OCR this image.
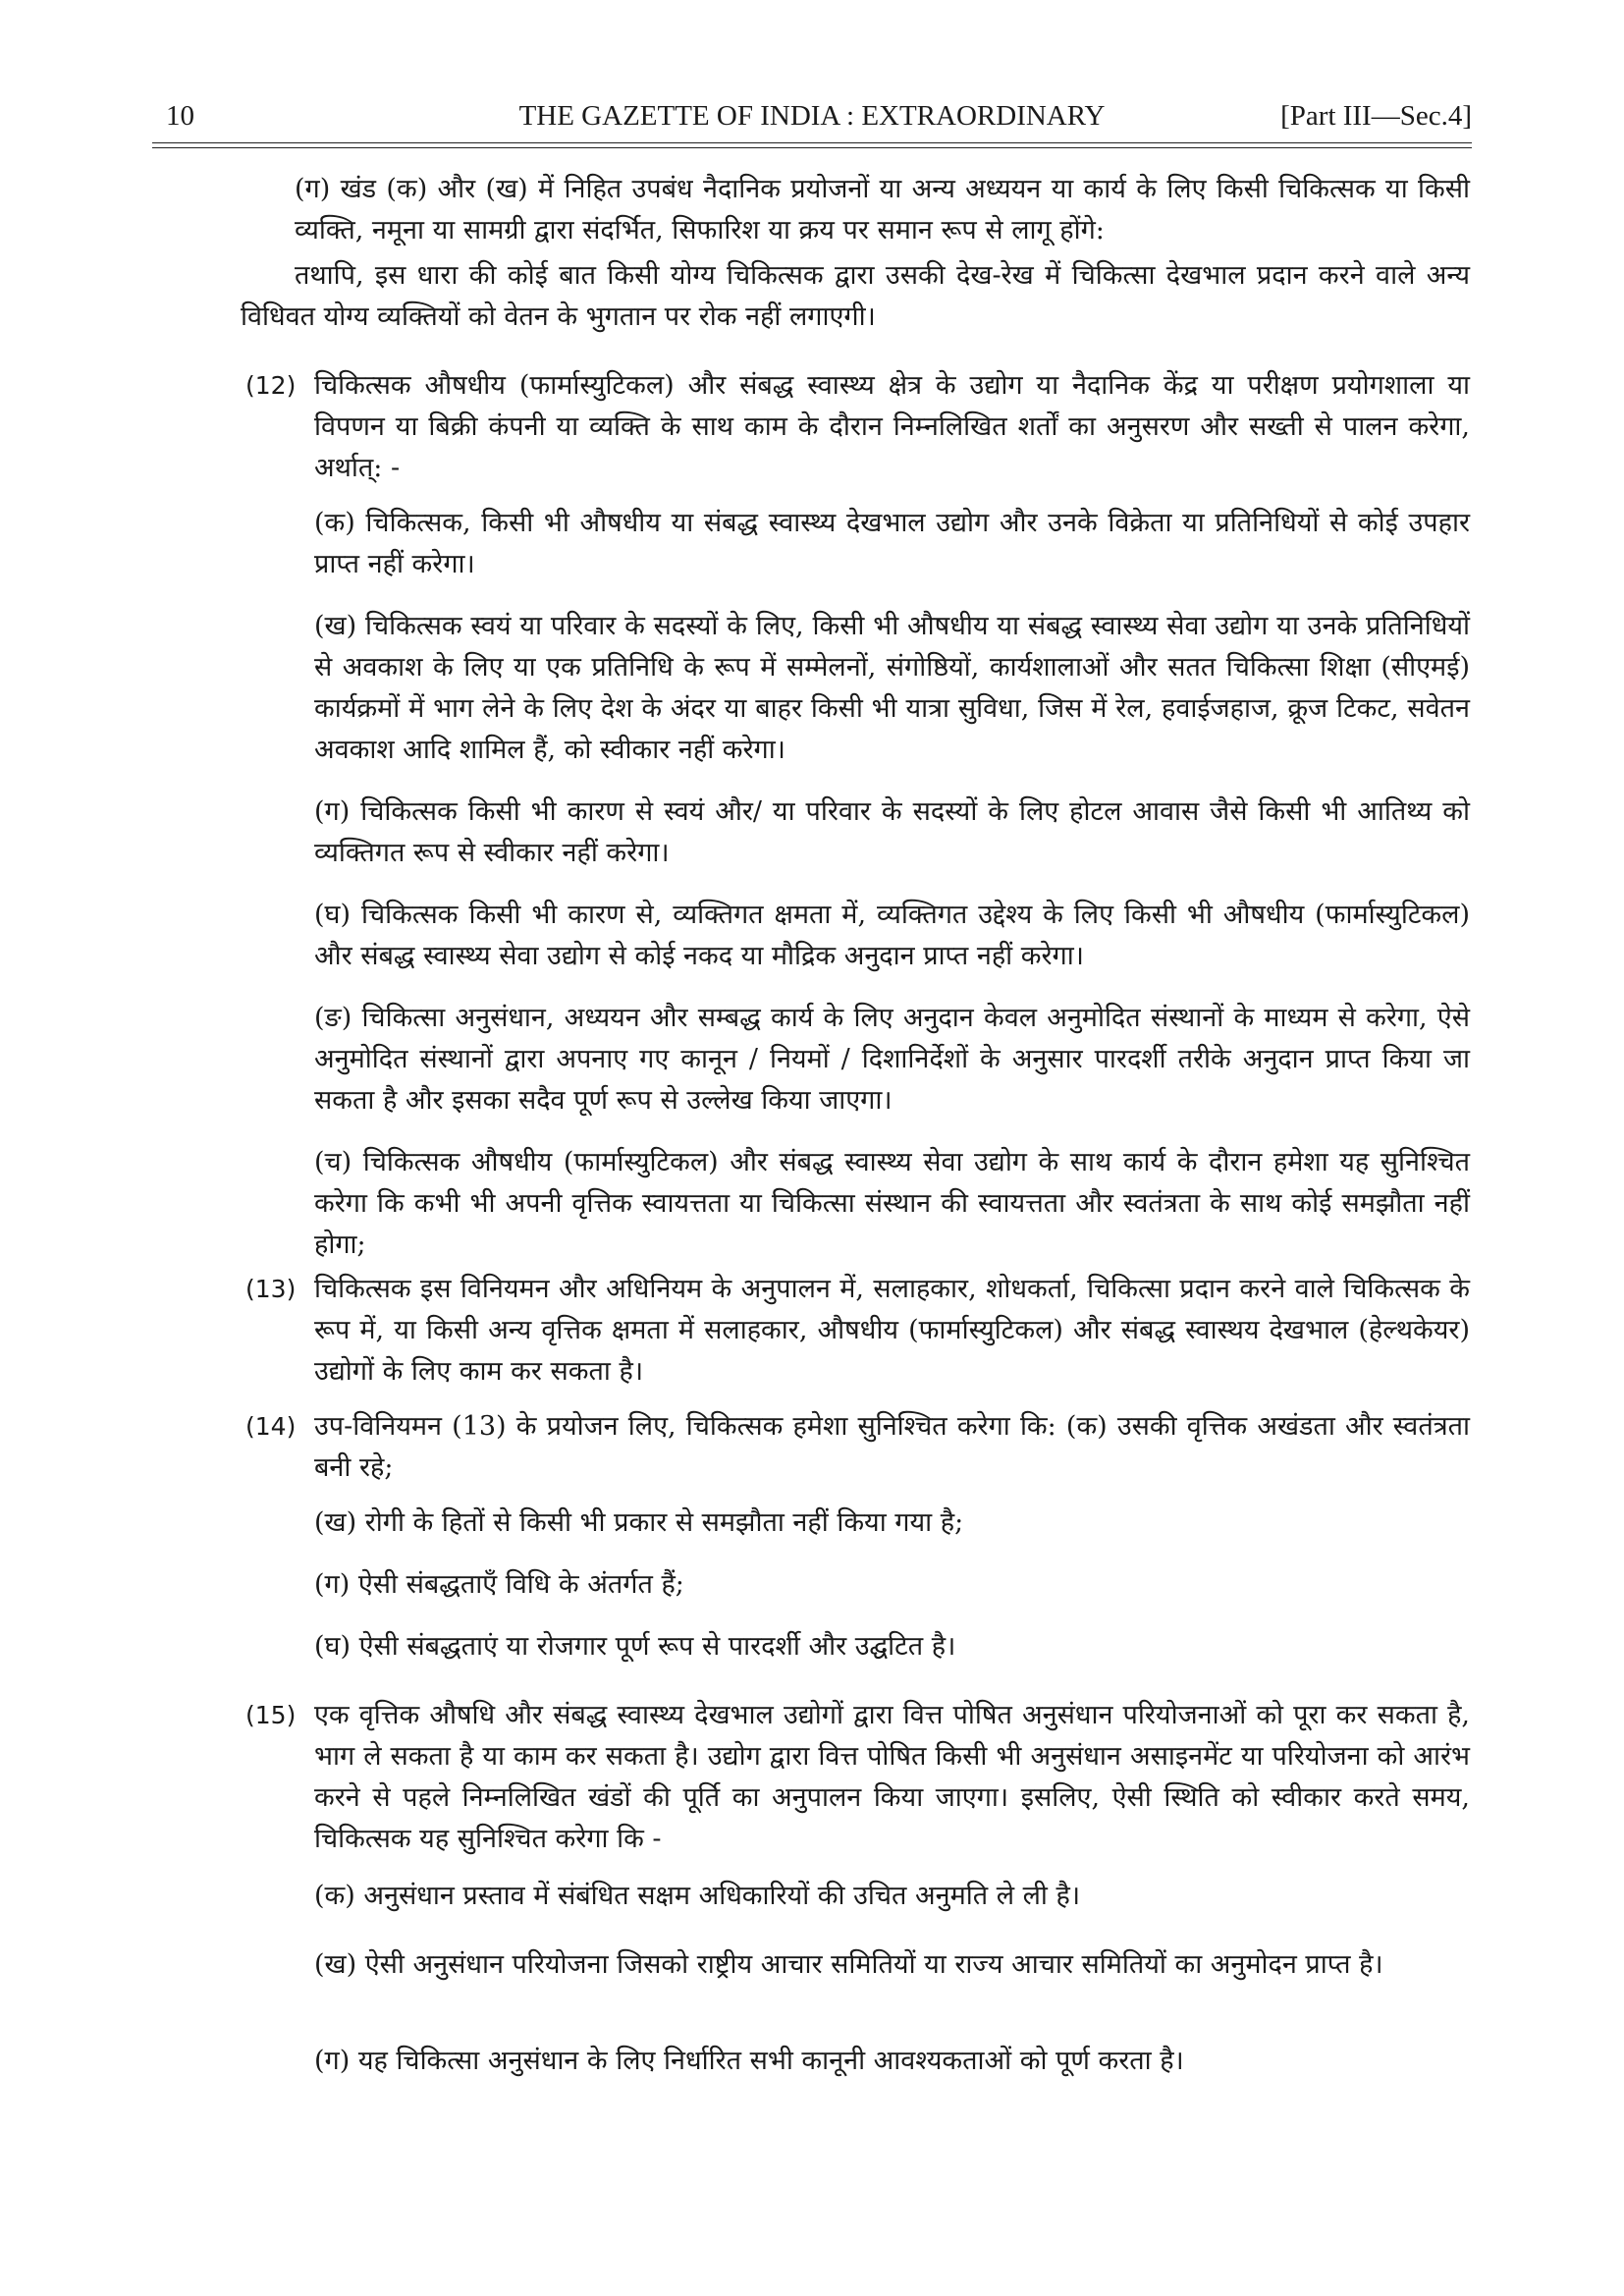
10	THE GAZETTE OF INDIA : EXTRAORDINARY	[Part III—Sec.4]
(ग) खंड (क) और (ख) में निहित उपबंध नैदानिक प्रयोजनों या अन्य अध्ययन या कार्य के लिए किसी चिकित्सक या किसी व्यक्ति, नमूना या सामग्री द्वारा संदर्भित, सिफारिश या क्रय पर समान रूप से लागू होंगे:
तथापि, इस धारा की कोई बात किसी योग्य चिकित्सक द्वारा उसकी देख-रेख में चिकित्सा देखभाल प्रदान करने वाले अन्य विधिवत योग्य व्यक्तियों को वेतन के भुगतान पर रोक नहीं लगाएगी।
(12) चिकित्सक औषधीय (फार्मास्युटिकल) और संबद्ध स्वास्थ्य क्षेत्र के उद्योग या नैदानिक केंद्र या परीक्षण प्रयोगशाला या विपणन या बिक्री कंपनी या व्यक्ति के साथ काम के दौरान निम्नलिखित शर्तों का अनुसरण और सख्ती से पालन करेगा, अर्थात्: -
(क) चिकित्सक, किसी भी औषधीय या संबद्ध स्वास्थ्य देखभाल उद्योग और उनके विक्रेता या प्रतिनिधियों से कोई उपहार प्राप्त नहीं करेगा।
(ख) चिकित्सक स्वयं या परिवार के सदस्यों के लिए, किसी भी औषधीय या संबद्ध स्वास्थ्य सेवा उद्योग या उनके प्रतिनिधियों से अवकाश के लिए या एक प्रतिनिधि के रूप में सम्मेलनों, संगोष्ठियों, कार्यशालाओं और सतत चिकित्सा शिक्षा (सीएमई) कार्यक्रमों में भाग लेने के लिए देश के अंदर या बाहर किसी भी यात्रा सुविधा, जिस में रेल, हवाईजहाज, क्रूज टिकट, सवेतन अवकाश आदि शामिल हैं, को स्वीकार नहीं करेगा।
(ग) चिकित्सक किसी भी कारण से स्वयं और/ या परिवार के सदस्यों के लिए होटल आवास जैसे किसी भी आतिथ्य को व्यक्तिगत रूप से स्वीकार नहीं करेगा।
(घ) चिकित्सक किसी भी कारण से, व्यक्तिगत क्षमता में, व्यक्तिगत उद्देश्य के लिए किसी भी औषधीय (फार्मास्युटिकल) और संबद्ध स्वास्थ्य सेवा उद्योग से कोई नकद या मौद्रिक अनुदान प्राप्त नहीं करेगा।
(ङ) चिकित्सा अनुसंधान, अध्ययन और सम्बद्ध कार्य के लिए अनुदान केवल अनुमोदित संस्थानों के माध्यम से करेगा, ऐसे अनुमोदित संस्थानों द्वारा अपनाए गए कानून / नियमों / दिशानिर्देशों के अनुसार पारदर्शी तरीके अनुदान प्राप्त किया जा सकता है और इसका सदैव पूर्ण रूप से उल्लेख किया जाएगा।
(च) चिकित्सक औषधीय (फार्मास्युटिकल) और संबद्ध स्वास्थ्य सेवा उद्योग के साथ कार्य के दौरान हमेशा यह सुनिश्चित करेगा कि कभी भी अपनी वृत्तिक स्वायत्तता या चिकित्सा संस्थान की स्वायत्तता और स्वतंत्रता के साथ कोई समझौता नहीं होगा;
(13) चिकित्सक इस विनियमन और अधिनियम के अनुपालन में, सलाहकार, शोधकर्ता, चिकित्सा प्रदान करने वाले चिकित्सक के रूप में, या किसी अन्य वृत्तिक क्षमता में सलाहकार, औषधीय (फार्मास्युटिकल) और संबद्ध स्वास्थय देखभाल (हेल्थकेयर) उद्योगों के लिए काम कर सकता है।
(14) उप-विनियमन (13) के प्रयोजन लिए, चिकित्सक हमेशा सुनिश्चित करेगा कि: (क) उसकी वृत्तिक अखंडता और स्वतंत्रता बनी रहे;
(ख) रोगी के हितों से किसी भी प्रकार से समझौता नहीं किया गया है;
(ग) ऐसी संबद्धताएँ विधि के अंतर्गत हैं;
(घ) ऐसी संबद्धताएं या रोजगार पूर्ण रूप से पारदर्शी और उद्घटित है।
(15) एक वृत्तिक औषधि और संबद्ध स्वास्थ्य देखभाल उद्योगों द्वारा वित्त पोषित अनुसंधान परियोजनाओं को पूरा कर सकता है, भाग ले सकता है या काम कर सकता है। उद्योग द्वारा वित्त पोषित किसी भी अनुसंधान असाइनमेंट या परियोजना को आरंभ करने से पहले निम्नलिखित खंडों की पूर्ति का अनुपालन किया जाएगा। इसलिए, ऐसी स्थिति को स्वीकार करते समय, चिकित्सक यह सुनिश्चित करेगा कि -
(क) अनुसंधान प्रस्ताव में संबंधित सक्षम अधिकारियों की उचित अनुमति ले ली है।
(ख) ऐसी अनुसंधान परियोजना जिसको राष्ट्रीय आचार समितियों या राज्य आचार समितियों का अनुमोदन प्राप्त है।
(ग) यह चिकित्सा अनुसंधान के लिए निर्धारित सभी कानूनी आवश्यकताओं को पूर्ण करता है।
